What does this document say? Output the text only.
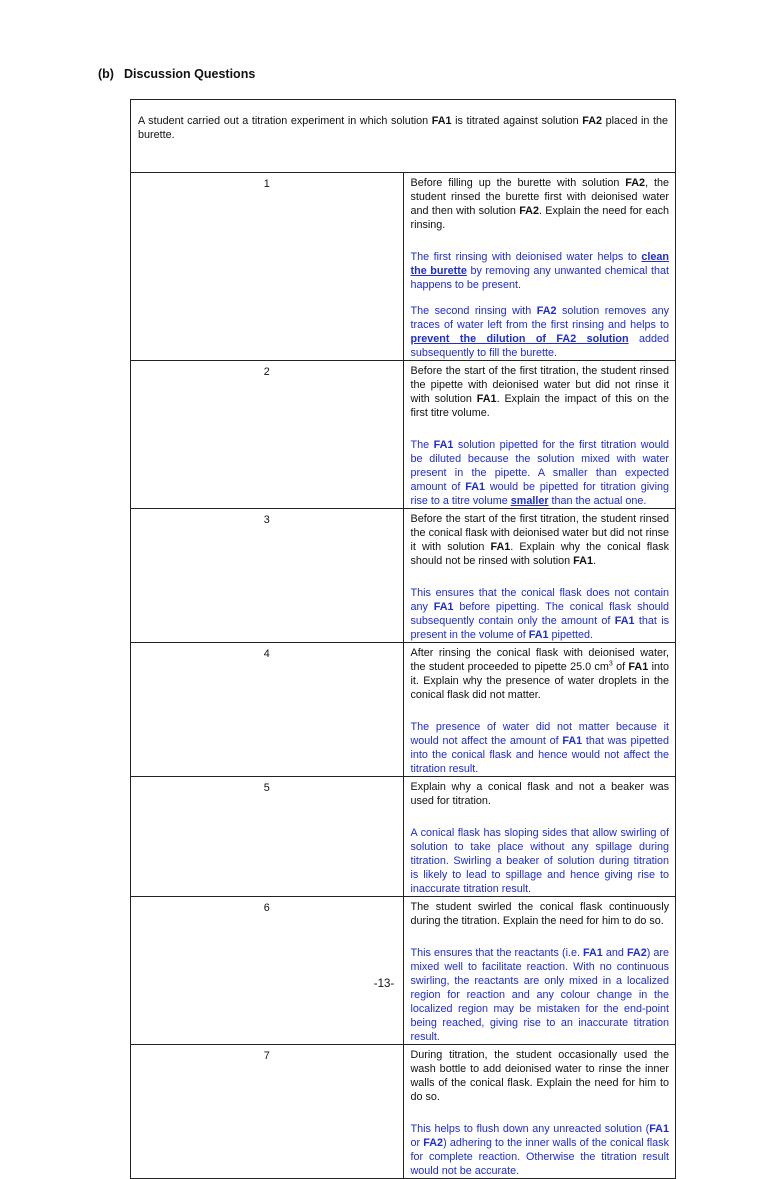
(b) Discussion Questions

A student carried out a titration experiment in which solution FA1 is titrated against solution FA2 placed in the burette.	

1	Before filling up the burette with solution FA2, the student rinsed the burette first with deionised water and then with solution FA2. Explain the need for each rinsing.

The first rinsing with deionised water helps to clean the burette by removing any unwanted chemical that happens to be present.

The second rinsing with FA2 solution removes any traces of water left from the first rinsing and helps to prevent the dilution of FA2 solution added subsequently to fill the burette.

2	Before the start of the first titration, the student rinsed the pipette with deionised water but did not rinse it with solution FA1. Explain the impact of this on the first titre volume.

The FA1 solution pipetted for the first titration would be diluted because the solution mixed with water present in the pipette. A smaller than expected amount of FA1 would be pipetted for titration giving rise to a titre volume smaller than the actual one.

3	Before the start of the first titration, the student rinsed the conical flask with deionised water but did not rinse it with solution FA1. Explain why the conical flask should not be rinsed with solution FA1.

This ensures that the conical flask does not contain any FA1 before pipetting. The conical flask should subsequently contain only the amount of FA1 that is present in the volume of FA1 pipetted.

4	After rinsing the conical flask with deionised water, the student proceeded to pipette 25.0 $cm^3$ of FA1 into it. Explain why the presence of water droplets in the conical flask did not matter.

The presence of water did not matter because it would not affect the amount of FA1 that was pipetted into the conical flask and hence would not affect the titration result.

5	Explain why a conical flask and not a beaker was used for titration.

A conical flask has sloping sides that allow swirling of solution to take place without any spillage during titration. Swirling a beaker of solution during titration is likely to lead to spillage and hence giving rise to inaccurate titration result.

6	The student swirled the conical flask continuously during the titration. Explain the need for him to do so.

This ensures that the reactants (i.e. FA1 and FA2) are mixed well to facilitate reaction. With no continuous swirling, the reactants are only mixed in a localized region for reaction and any colour change in the localized region may be mistaken for the end-point being reached, giving rise to an inaccurate titration result.

7	During titration, the student occasionally used the wash bottle to add deionised water to rinse the inner walls of the conical flask. Explain the need for him to do so.

This helps to flush down any unreacted solution (FA1 or FA2) adhering to the inner walls of the conical flask for complete reaction. Otherwise the titration result would not be accurate.

-13-
